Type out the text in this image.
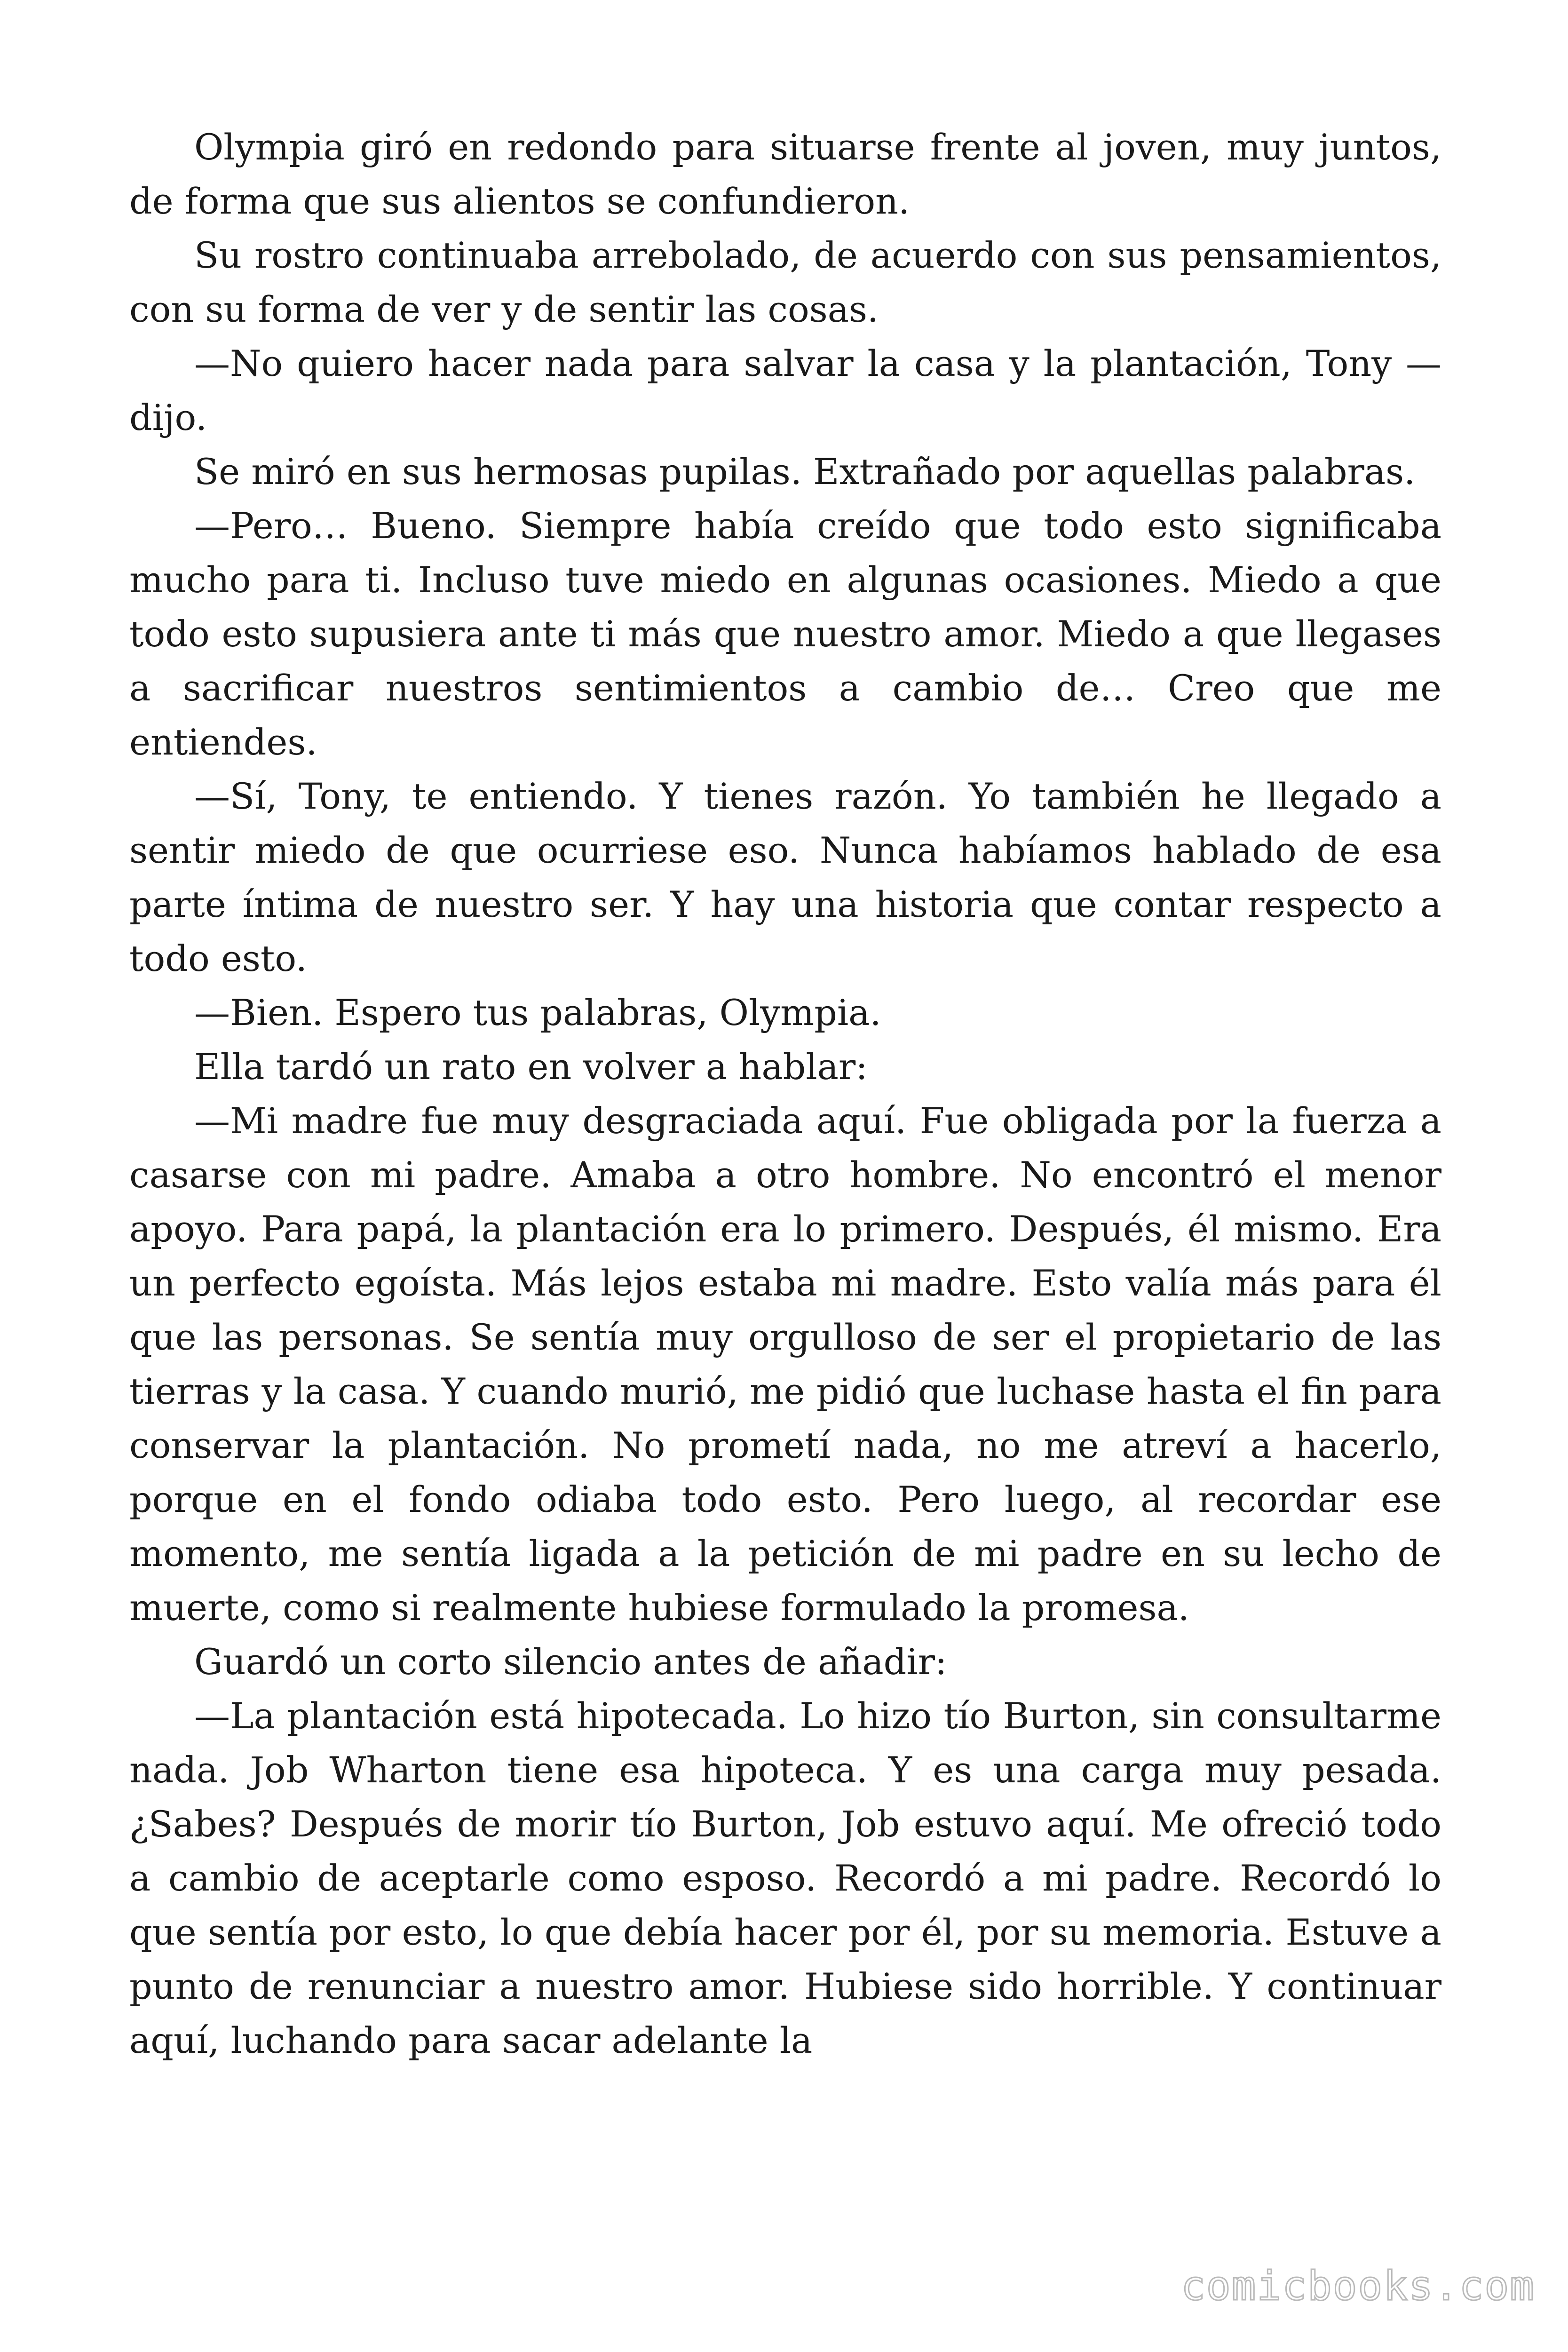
Olympia giró en redondo para situarse frente al joven, muy juntos, de forma que sus alientos se confundieron.

Su rostro continuaba arrebolado, de acuerdo con sus pensamientos, con su forma de ver y de sentir las cosas.

—No quiero hacer nada para salvar la casa y la plantación, Tony —dijo.

Se miró en sus hermosas pupilas. Extrañado por aquellas palabras.

—Pero… Bueno. Siempre había creído que todo esto significaba mucho para ti. Incluso tuve miedo en algunas ocasiones. Miedo a que todo esto supusiera ante ti más que nuestro amor. Miedo a que llegases a sacrificar nuestros sentimientos a cambio de… Creo que me entiendes.

—Sí, Tony, te entiendo. Y tienes razón. Yo también he llegado a sentir miedo de que ocurriese eso. Nunca habíamos hablado de esa parte íntima de nuestro ser. Y hay una historia que contar respecto a todo esto.

—Bien. Espero tus palabras, Olympia.

Ella tardó un rato en volver a hablar:

—Mi madre fue muy desgraciada aquí. Fue obligada por la fuerza a casarse con mi padre. Amaba a otro hombre. No encontró el menor apoyo. Para papá, la plantación era lo primero. Después, él mismo. Era un perfecto egoísta. Más lejos estaba mi madre. Esto valía más para él que las personas. Se sentía muy orgulloso de ser el propietario de las tierras y la casa. Y cuando murió, me pidió que luchase hasta el fin para conservar la plantación. No prometí nada, no me atreví a hacerlo, porque en el fondo odiaba todo esto. Pero luego, al recordar ese momento, me sentía ligada a la petición de mi padre en su lecho de muerte, como si realmente hubiese formulado la promesa.

Guardó un corto silencio antes de añadir:

—La plantación está hipotecada. Lo hizo tío Burton, sin consultarme nada. Job Wharton tiene esa hipoteca. Y es una carga muy pesada. ¿Sabes? Después de morir tío Burton, Job estuvo aquí. Me ofreció todo a cambio de aceptarle como esposo. Recordó a mi padre. Recordó lo que sentía por esto, lo que debía hacer por él, por su memoria. Estuve a punto de renunciar a nuestro amor. Hubiese sido horrible. Y continuar aquí, luchando para sacar adelante la

comicbooks.com
